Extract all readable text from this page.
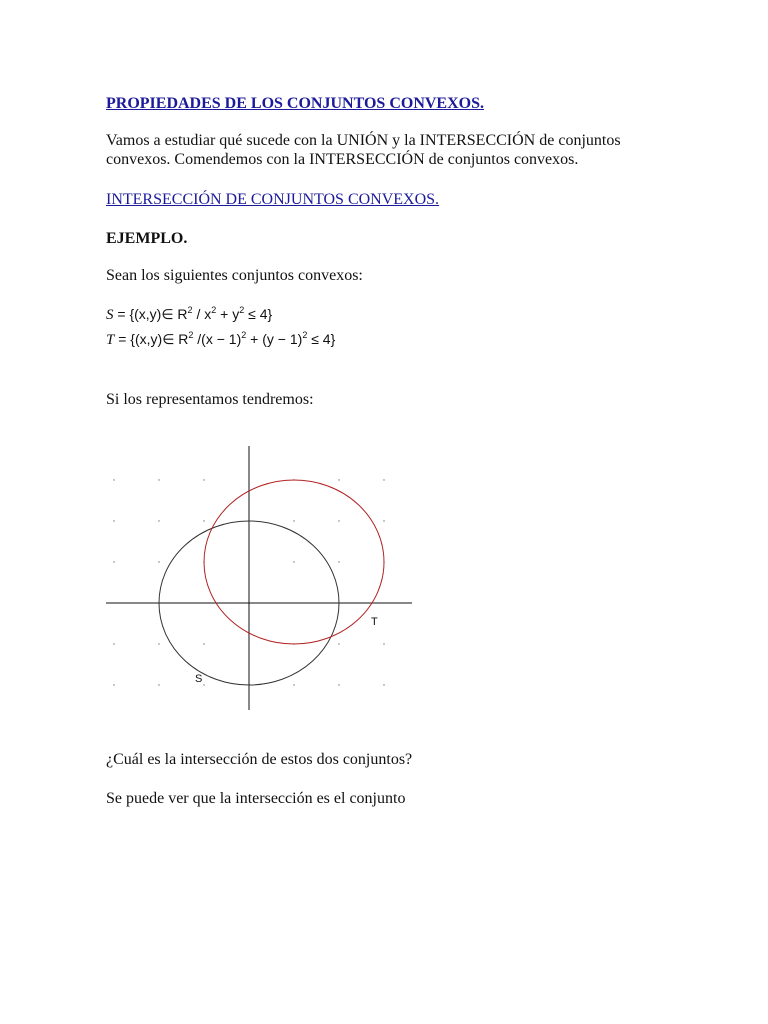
PROPIEDADES DE LOS CONJUNTOS CONVEXOS.
Vamos a estudiar qué sucede con la UNIÓN y la INTERSECCIÓN de conjuntos
convexos. Comendemos con la INTERSECCIÓN de conjuntos convexos.
INTERSECCIÓN DE CONJUNTOS CONVEXOS.
EJEMPLO.
Sean los siguientes conjuntos convexos:
S = {(x,y)∈ $R^2 / x^2 + y^2 \le 4$}
T = {(x,y)∈ $R^2$ $/(x - 1)^2 + (y - 1)^2 \le 4$}
Si los representamos tendremos:
S
T
¿Cuál es la intersección de estos dos conjuntos?
Se puede ver que la intersección es el conjunto
